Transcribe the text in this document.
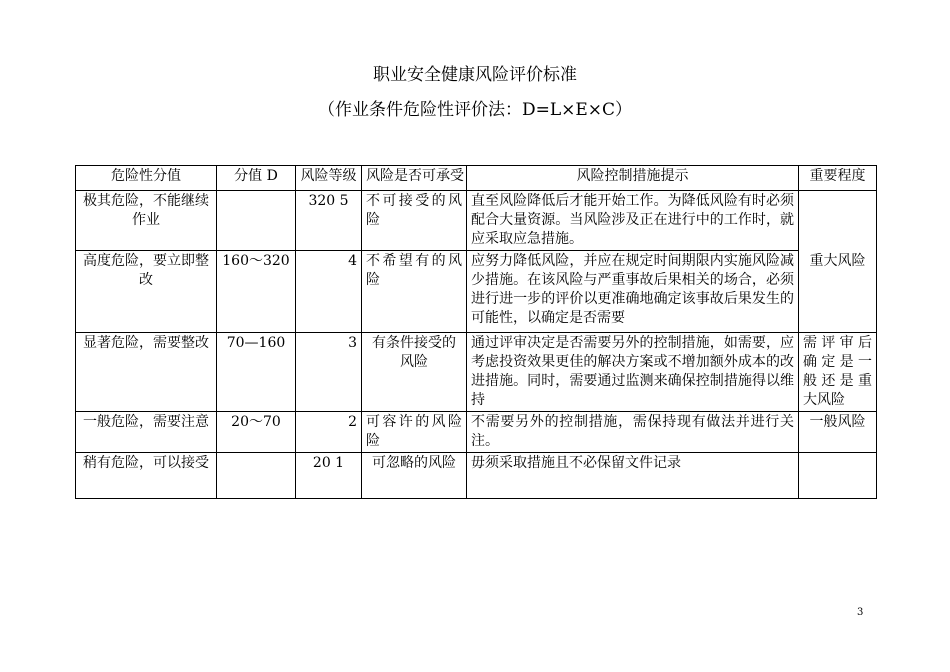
职业安全健康风险评价标准
（作业条件危险性评价法：D=L×E×C）
危险性分值	分值 D	风险等级	风险是否可承受	风险控制措施提示	重要程度
极其危险，不能继续作业		320 5	不可接受的风险	直至风险降低后才能开始工作。为降低风险有时必须配合大量资源。当风险涉及正在进行中的工作时，就应采取应急措施。	重大风险
高度危险，要立即整改	160～320	4	不希望有的风险	应努力降低风险，并应在规定时间期限内实施风险减少措施。在该风险与严重事故后果相关的场合，必须进行进一步的评价以更准确地确定该事故后果发生的可能性，以确定是否需要	
显著危险，需要整改	70—160	3	有条件接受的风险	通过评审决定是否需要另外的控制措施，如需要，应考虑投资效果更佳的解决方案或不增加额外成本的改进措施。同时，需要通过监测来确保控制措施得以维持	需评审后确定是一般还是重大风险
一般危险，需要注意	20～70	2	可容许的风险险	不需要另外的控制措施，需保持现有做法并进行关注。	一般风险
稍有危险，可以接受		20 1	可忽略的风险	毋须采取措施且不必保留文件记录	
3
